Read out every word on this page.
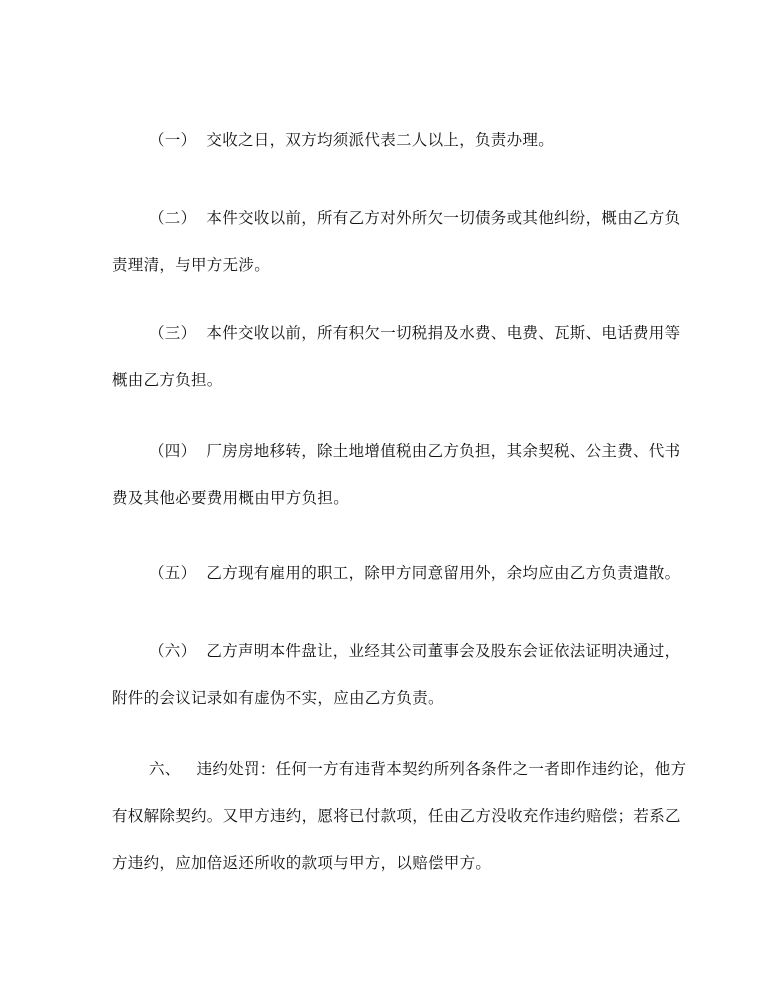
（一） 交收之日，双方均须派代表二人以上，负责办理。

（二） 本件交收以前，所有乙方对外所欠一切债务或其他纠纷，概由乙方负
责理清，与甲方无涉。

（三） 本件交收以前，所有积欠一切税捐及水费、电费、瓦斯、电话费用等
概由乙方负担。

（四） 厂房房地移转，除土地增值税由乙方负担，其余契税、公主费、代书
费及其他必要费用概由甲方负担。

（五） 乙方现有雇用的职工，除甲方同意留用外，余均应由乙方负责遣散。

（六） 乙方声明本件盘让，业经其公司董事会及股东会证依法证明决通过，
附件的会议记录如有虚伪不实，应由乙方负责。

六、 违约处罚：任何一方有违背本契约所列各条件之一者即作违约论，他方
有权解除契约。又甲方违约，愿将已付款项，任由乙方没收充作违约赔偿；若系乙
方违约，应加倍返还所收的款项与甲方，以赔偿甲方。
